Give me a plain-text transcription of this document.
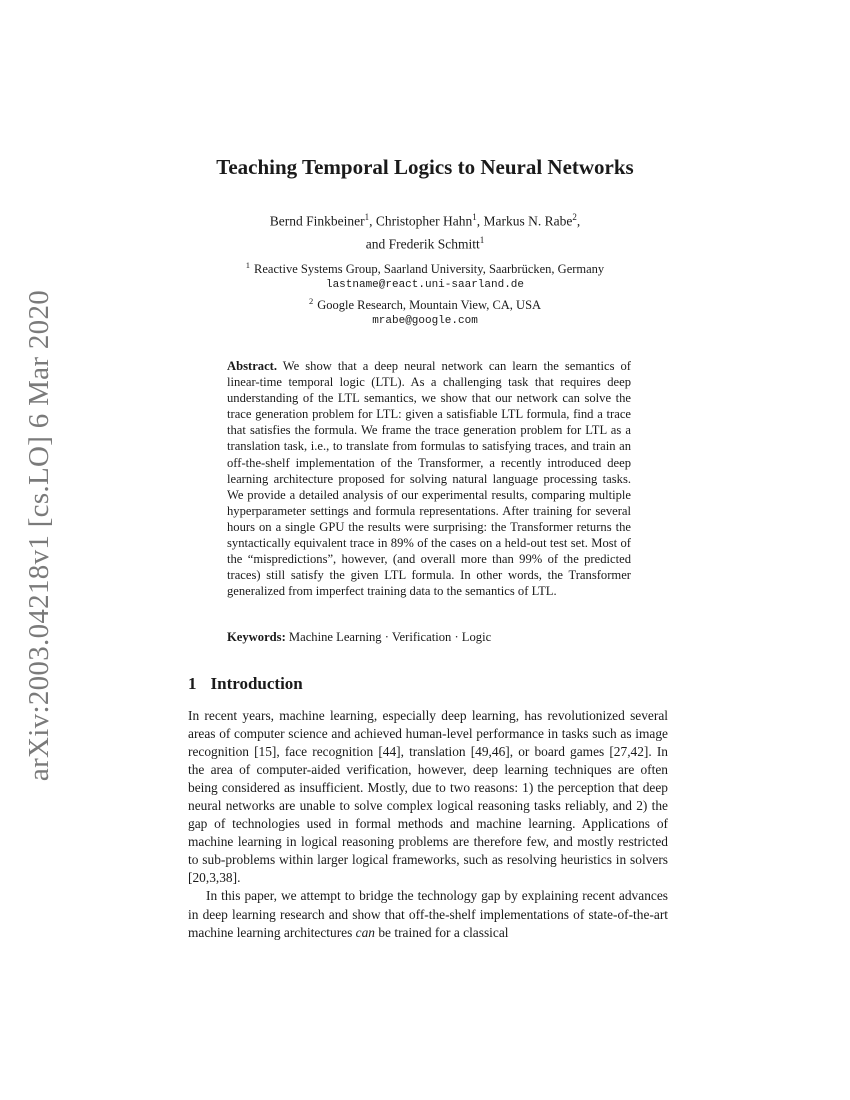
arXiv:2003.04218v1 [cs.LO] 6 Mar 2020
Teaching Temporal Logics to Neural Networks
Bernd Finkbeiner$^1$, Christopher Hahn$^1$, Markus N. Rabe$^2$,
and Frederik Schmitt$^1$
$^1$ Reactive Systems Group, Saarland University, Saarbrücken, Germany
lastname@react.uni-saarland.de
$^2$ Google Research, Mountain View, CA, USA
mrabe@google.com
Abstract. We show that a deep neural network can learn the semantics of linear-time temporal logic (LTL). As a challenging task that requires deep understanding of the LTL semantics, we show that our network can solve the trace generation problem for LTL: given a satisfiable LTL formula, find a trace that satisfies the formula. We frame the trace generation problem for LTL as a translation task, i.e., to translate from formulas to satisfying traces, and train an off-the-shelf implementation of the Transformer, a recently introduced deep learning architecture proposed for solving natural language processing tasks. We provide a detailed analysis of our experimental results, comparing multiple hyperparameter settings and formula representations. After training for several hours on a single GPU the results were surprising: the Transformer returns the syntactically equivalent trace in 89% of the cases on a held-out test set. Most of the “mispredictions”, however, (and overall more than 99% of the predicted traces) still satisfy the given LTL formula. In other words, the Transformer generalized from imperfect training data to the semantics of LTL.
Keywords: Machine Learning · Verification · Logic
1 Introduction

In recent years, machine learning, especially deep learning, has revolutionized several areas of computer science and achieved human-level performance in tasks such as image recognition [15], face recognition [44], translation [49,46], or board games [27,42]. In the area of computer-aided verification, however, deep learning techniques are often being considered as insufficient. Mostly, due to two reasons: 1) the perception that deep neural networks are unable to solve complex logical reasoning tasks reliably, and 2) the gap of technologies used in formal methods and machine learning. Applications of machine learning in logical reasoning problems are therefore few, and mostly restricted to sub-problems within larger logical frameworks, such as resolving heuristics in solvers [20,3,38].

In this paper, we attempt to bridge the technology gap by explaining recent advances in deep learning research and show that off-the-shelf implementations of state-of-the-art machine learning architectures can be trained for a classical
